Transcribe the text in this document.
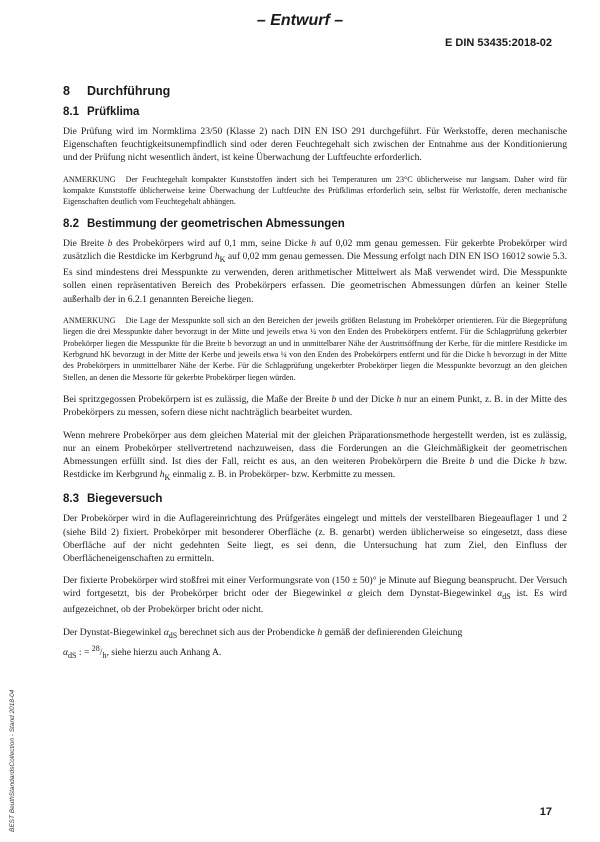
– Entwurf –
E DIN 53435:2018-02
8 Durchführung
8.1 Prüfklima

Die Prüfung wird im Normklima 23/50 (Klasse 2) nach DIN EN ISO 291 durchgeführt. Für Werkstoffe, deren mechanische Eigenschaften feuchtigkeitsunempfindlich sind oder deren Feuchtegehalt sich zwischen der Entnahme aus der Konditionierung und der Prüfung nicht wesentlich ändert, ist keine Überwachung der Luftfeuchte erforderlich.

ANMERKUNG Der Feuchtegehalt kompakter Kunststoffen ändert sich bei Temperaturen um 23°C üblicherweise nur langsam. Daher wird für kompakte Kunststoffe üblicherweise keine Überwachung der Luftfeuchte des Prüfklimas erforderlich sein, selbst für Werkstoffe, deren mechanische Eigenschaften deutlich vom Feuchtegehalt abhängen.

8.2 Bestimmung der geometrischen Abmessungen

Die Breite b des Probekörpers wird auf 0,1 mm, seine Dicke h auf 0,02 mm genau gemessen. Für gekerbte Probekörper wird zusätzlich die Restdicke im Kerbgrund $h_K$ auf 0,02 mm genau gemessen. Die Messung erfolgt nach DIN EN ISO 16012 sowie 5.3. Es sind mindestens drei Messpunkte zu verwenden, deren arithmetischer Mittelwert als Maß verwendet wird. Die Messpunkte sollen einen repräsentativen Bereich des Probekörpers erfassen. Die geometrischen Abmessungen dürfen an keiner Stelle außerhalb der in 6.2.1 genannten Bereiche liegen.

ANMERKUNG Die Lage der Messpunkte soll sich an den Bereichen der jeweils größten Belastung im Probekörper orientieren. Für die Biegeprüfung liegen die drei Messpunkte daher bevorzugt in der Mitte und jeweils etwa ¼ von den Enden des Probekörpers entfernt. Für die Schlagprüfung gekerbter Probekörper liegen die Messpunkte für die Breite b bevorzugt an und in unmittelbarer Nähe der Austrittsöffnung der Kerbe, für die mittlere Restdicke im Kerbgrund hK bevorzugt in der Mitte der Kerbe und jeweils etwa ¼ von den Enden des Probekörpers entfernt und für die Dicke h bevorzugt in der Mitte des Probekörpers in unmittelbarer Nähe der Kerbe. Für die Schlagprüfung ungekerbter Probekörper liegen die Messpunkte bevorzugt an den gleichen Stellen, an denen die Messorte für gekerbte Probekörper liegen würden.

Bei spritzgegossen Probekörpern ist es zulässig, die Maße der Breite b und der Dicke h nur an einem Punkt, z. B. in der Mitte des Probekörpers zu messen, sofern diese nicht nachträglich bearbeitet wurden.

Wenn mehrere Probekörper aus dem gleichen Material mit der gleichen Präparationsmethode hergestellt werden, ist es zulässig, nur an einem Probekörper stellvertretend nachzuweisen, dass die Forderungen an die Gleichmäßigkeit der geometrischen Abmessungen erfüllt sind. Ist dies der Fall, reicht es aus, an den weiteren Probekörpern die Breite b und die Dicke h bzw. Restdicke im Kerbgrund $h_K$ einmalig z. B. in Probekörper- bzw. Kerbmitte zu messen.

8.3 Biegeversuch

Der Probekörper wird in die Auflagereinrichtung des Prüfgerätes eingelegt und mittels der verstellbaren Biegeauflager 1 und 2 (siehe Bild 2) fixiert. Probekörper mit besonderer Oberfläche (z. B. genarbt) werden üblicherweise so eingesetzt, dass diese Oberfläche auf der nicht gedehnten Seite liegt, es sei denn, die Untersuchung hat zum Ziel, den Einfluss der Oberflächeneigenschaften zu ermitteln.

Der fixierte Probekörper wird stoßfrei mit einer Verformungsrate von (150 ± 50)° je Minute auf Biegung beansprucht. Der Versuch wird fortgesetzt, bis der Probekörper bricht oder der Biegewinkel α gleich dem Dynstat-Biegewinkel $\alpha_{dS}$ ist. Es wird aufgezeichnet, ob der Probekörper bricht oder nicht.

Der Dynstat-Biegewinkel $\alpha_{dS}$ berechnet sich aus der Probendicke h gemäß der definierenden Gleichung
$\alpha_{dS}$ : = $^{28}/_h$, siehe hierzu auch Anhang A.

BEST BeuthStandardsCollection - Stand 2018-04	17
